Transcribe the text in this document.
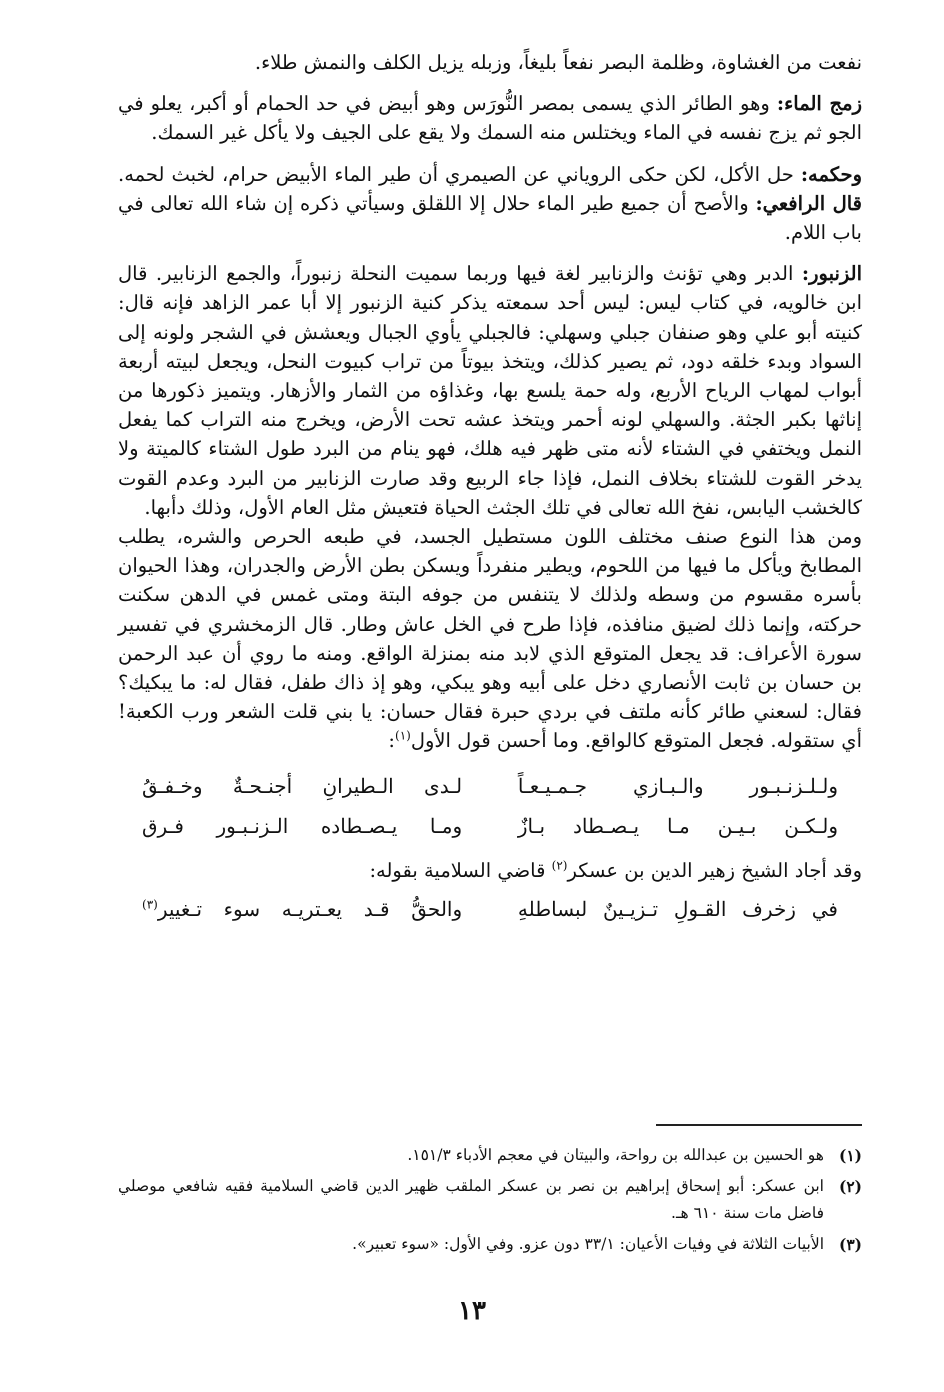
نفعت من الغشاوة، وظلمة البصر نفعاً بليغاً، وزبله يزيل الكلف والنمش طلاء.

زمج الماء: وهو الطائر الذي يسمى بمصر النُّورَس وهو أبيض في حد الحمام أو أكبر، يعلو في الجو ثم يزج نفسه في الماء ويختلس منه السمك ولا يقع على الجيف ولا يأكل غير السمك.

وحكمه: حل الأكل، لكن حكى الروياني عن الصيمري أن طير الماء الأبيض حرام، لخبث لحمه. قال الرافعي: والأصح أن جميع طير الماء حلال إلا اللقلق وسيأتي ذكره إن شاء الله تعالى في باب اللام.

الزنبور: الدبر وهي تؤنث والزنابير لغة فيها وربما سميت النحلة زنبوراً، والجمع الزنابير. قال ابن خالويه، في كتاب ليس: ليس أحد سمعته يذكر كنية الزنبور إلا أبا عمر الزاهد فإنه قال: كنيته أبو علي وهو صنفان جبلي وسهلي: فالجبلي يأوي الجبال ويعشش في الشجر ولونه إلى السواد وبدء خلقه دود، ثم يصير كذلك، ويتخذ بيوتاً من تراب كبيوت النحل، ويجعل لبيته أربعة أبواب لمهاب الرياح الأربع، وله حمة يلسع بها، وغذاؤه من الثمار والأزهار. ويتميز ذكورها من إناثها بكبر الجثة. والسهلي لونه أحمر ويتخذ عشه تحت الأرض، ويخرج منه التراب كما يفعل النمل ويختفي في الشتاء لأنه متى ظهر فيه هلك، فهو ينام من البرد طول الشتاء كالميتة ولا يدخر القوت للشتاء بخلاف النمل، فإذا جاء الربيع وقد صارت الزنابير من البرد وعدم القوت كالخشب اليابس، نفخ الله تعالى في تلك الجثث الحياة فتعيش مثل العام الأول، وذلك دأبها.

ومن هذا النوع صنف مختلف اللون مستطيل الجسد، في طبعه الحرص والشره، يطلب المطابخ ويأكل ما فيها من اللحوم، ويطير منفرداً ويسكن بطن الأرض والجدران، وهذا الحيوان بأسره مقسوم من وسطه ولذلك لا يتنفس من جوفه البتة ومتى غمس في الدهن سكنت حركته، وإنما ذلك لضيق منافذه، فإذا طرح في الخل عاش وطار. قال الزمخشري في تفسير سورة الأعراف: قد يجعل المتوقع الذي لابد منه بمنزلة الواقع. ومنه ما روي أن عبد الرحمن بن حسان بن ثابت الأنصاري دخل على أبيه وهو يبكي، وهو إذ ذاك طفل، فقال له: ما يبكيك؟ فقال: لسعني طائر كأنه ملتف في بردي حبرة فقال حسان: يا بني قلت الشعر ورب الكعبة! أي ستقوله. فجعل المتوقع كالواقع. وما أحسن قول الأول$^{(١)}$:

ولـلـزنـبـور والـبـازي جـمـيـعـاً
لـدى الـطيرانِ أجنـحـةٌ وخـفـقُ
ولـكـن بـيـن مـا يـصـطاد بـازٌ
ومـا يـصـطاده الـزنـبـور فـرق

وقد أجاد الشيخ زهير الدين بن عسكر$^{(٢)}$ قاضي السلامية بقوله:

في زخرف القـولِ تـزيـينٌ لبساطلهِ
والحقُّ قـد يعـتريـه سوء تـغيير$^{(٣)}$
(١)
هو الحسين بن عبدالله بن رواحة، والبيتان في معجم الأدباء ١٥١/٣.
(٢)
ابن عسكر: أبو إسحاق إبراهيم بن نصر بن عسكر الملقب ظهير الدين قاضي السلامية فقيه شافعي موصلي فاضل مات سنة ٦١٠ هـ.
(٣)
الأبيات الثلاثة في وفيات الأعيان: ٣٣/١ دون عزو. وفي الأول: «سوء تعبير».
١٣
